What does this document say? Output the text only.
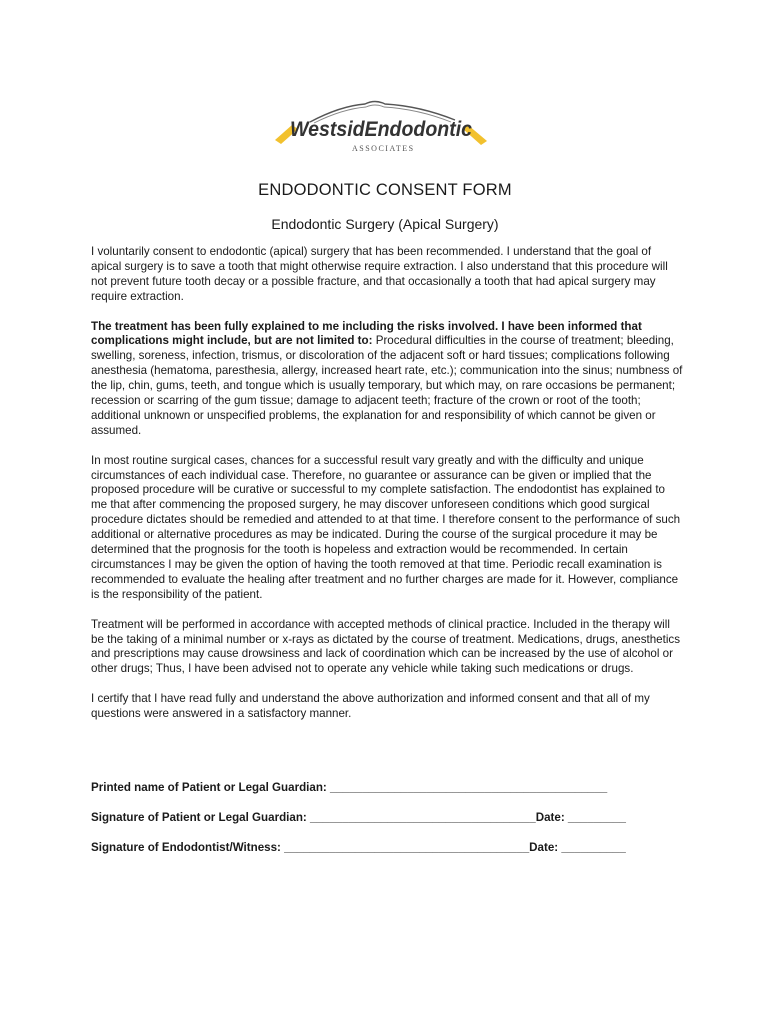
WestsidEndodontic
ASSOCIATES
ENDODONTIC CONSENT FORM
Endodontic Surgery (Apical Surgery)

I voluntarily consent to endodontic (apical) surgery that has been recommended. I understand that the goal of apical surgery is to save a tooth that might otherwise require extraction. I also understand that this procedure will not prevent future tooth decay or a possible fracture, and that occasionally a tooth that had apical surgery may require extraction.

The treatment has been fully explained to me including the risks involved. I have been informed that complications might include, but are not limited to: Procedural difficulties in the course of treatment; bleeding, swelling, soreness, infection, trismus, or discoloration of the adjacent soft or hard tissues; complications following anesthesia (hematoma, paresthesia, allergy, increased heart rate, etc.); communication into the sinus; numbness of the lip, chin, gums, teeth, and tongue which is usually temporary, but which may, on rare occasions be permanent; recession or scarring of the gum tissue; damage to adjacent teeth; fracture of the crown or root of the tooth; additional unknown or unspecified problems, the explanation for and responsibility of which cannot be given or assumed.

In most routine surgical cases, chances for a successful result vary greatly and with the difficulty and unique circumstances of each individual case. Therefore, no guarantee or assurance can be given or implied that the proposed procedure will be curative or successful to my complete satisfaction. The endodontist has explained to me that after commencing the proposed surgery, he may discover unforeseen conditions which good surgical procedure dictates should be remedied and attended to at that time. I therefore consent to the performance of such additional or alternative procedures as may be indicated. During the course of the surgical procedure it may be determined that the prognosis for the tooth is hopeless and extraction would be recommended. In certain circumstances I may be given the option of having the tooth removed at that time. Periodic recall examination is recommended to evaluate the healing after treatment and no further charges are made for it. However, compliance is the responsibility of the patient.

Treatment will be performed in accordance with accepted methods of clinical practice. Included in the therapy will be the taking of a minimal number or x-rays as dictated by the course of treatment. Medications, drugs, anesthetics and prescriptions may cause drowsiness and lack of coordination which can be increased by the use of alcohol or other drugs; Thus, I have been advised not to operate any vehicle while taking such medications or drugs.

I certify that I have read fully and understand the above authorization and informed consent and that all of my questions were answered in a satisfactory manner.

Printed name of Patient or Legal Guardian: ___________________________________________
Signature of Patient or Legal Guardian: ___________________________________Date: _________
Signature of Endodontist/Witness: ______________________________________Date: __________
